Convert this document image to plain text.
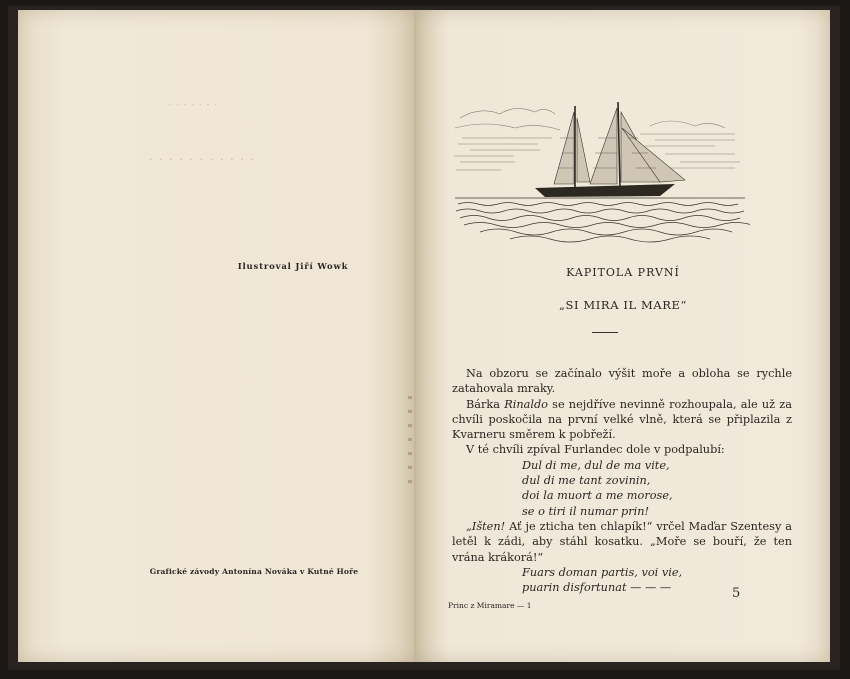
· · · · · · ·
· · · · · · · · · · ·
Ilustroval Jiří Wowk
Grafické závody Antonína Nováka v Kutné Hoře
KAPITOLA PRVNÍ
„SI MIRA IL MARE“

Na obzoru se začínalo výšit moře a obloha se rychle zatahovala mraky.

Bárka Rinaldo se nejdříve nevinně rozhoupala, ale už za chvíli poskočila na první velké vlně, která se připlazila z Kvarneru směrem k pobřeží.

V té chvíli zpíval Furlandec dole v podpalubí:

Dul di me, dul de ma vite,

dul di me tant zovinin,

doi la muort a me morose,

se o tiri il numar prin!

„Išten! Ať je zticha ten chlapík!“ vrčel Maďar Szentesy a letěl k zádi, aby stáhl kosatku. „Moře se bouří, že ten vrána krákorá!“

Fuars doman partis, voi vie,

puarin disfortunat — — —	5
Princ z Miramare — 1
